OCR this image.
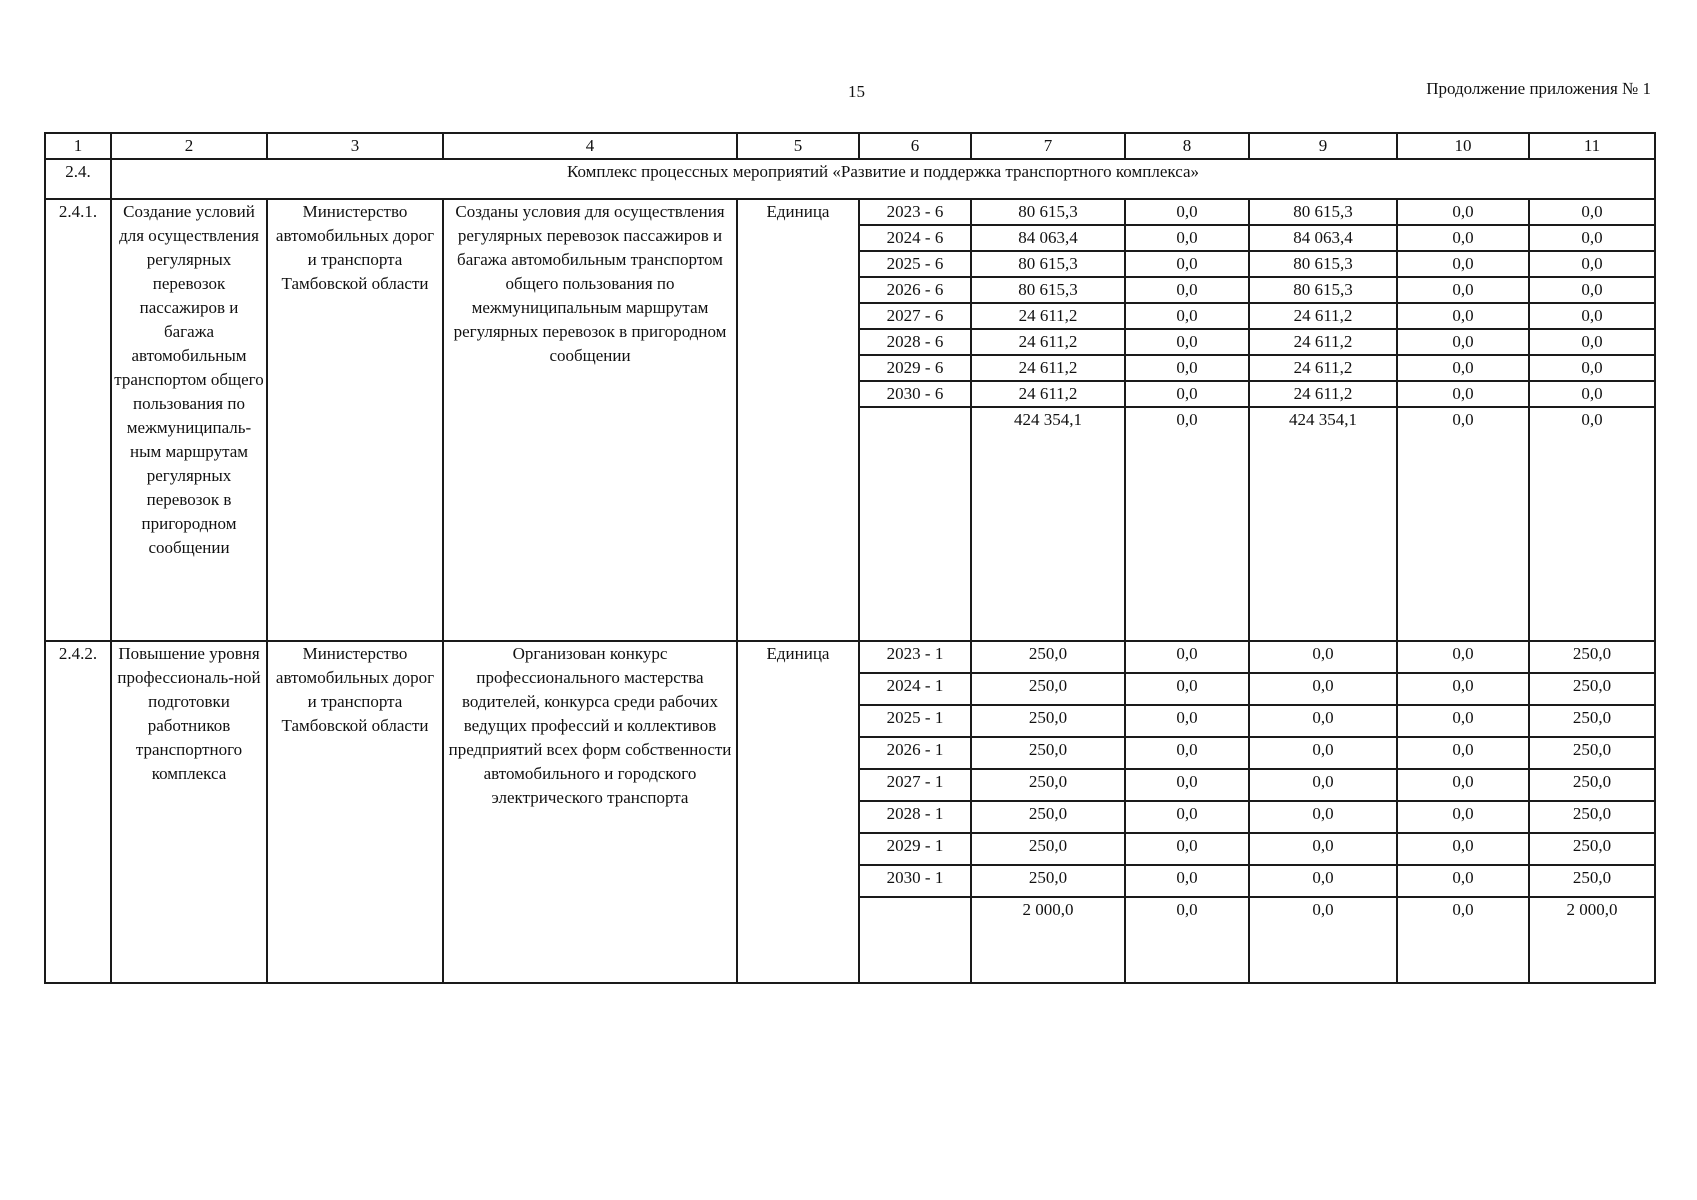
15	Продолжение приложения № 1
1	2	3	4	5	6	7	8	9	10	11
2.4.	Комплекс процессных мероприятий «Развитие и поддержка транспортного комплекса»									
2.4.1.	Создание условий для осуществления регулярных перевозок пассажиров и багажа автомобильным транспортом общего пользования по межмуниципаль-ным маршрутам регулярных перевозок в пригородном сообщении	Министерство автомобильных дорог и транспорта Тамбовской области	Созданы условия для осуществления регулярных перевозок пассажиров и багажа автомобильным транспортом общего пользования по межмуниципальным маршрутам регулярных перевозок в пригородном сообщении	Единица	2023 - 6	80 615,3	0,0	80 615,3	0,0	0,0
					2024 - 6	84 063,4	0,0	84 063,4	0,0	0,0
					2025 - 6	80 615,3	0,0	80 615,3	0,0	0,0
					2026 - 6	80 615,3	0,0	80 615,3	0,0	0,0
					2027 - 6	24 611,2	0,0	24 611,2	0,0	0,0
					2028 - 6	24 611,2	0,0	24 611,2	0,0	0,0
					2029 - 6	24 611,2	0,0	24 611,2	0,0	0,0
					2030 - 6	24 611,2	0,0	24 611,2	0,0	0,0
						424 354,1	0,0	424 354,1	0,0	0,0
2.4.2.	Повышение уровня профессиональ-ной подготовки работников транспортного комплекса	Министерство автомобильных дорог и транспорта Тамбовской области	Организован конкурс профессионального мастерства водителей, конкурса среди рабочих ведущих профессий и коллективов предприятий всех форм собственности автомобильного и городского электрического транспорта	Единица	2023 - 1	250,0	0,0	0,0	0,0	250,0
					2024 - 1	250,0	0,0	0,0	0,0	250,0
					2025 - 1	250,0	0,0	0,0	0,0	250,0
					2026 - 1	250,0	0,0	0,0	0,0	250,0
					2027 - 1	250,0	0,0	0,0	0,0	250,0
					2028 - 1	250,0	0,0	0,0	0,0	250,0
					2029 - 1	250,0	0,0	0,0	0,0	250,0
					2030 - 1	250,0	0,0	0,0	0,0	250,0
						2 000,0	0,0	0,0	0,0	2 000,0
